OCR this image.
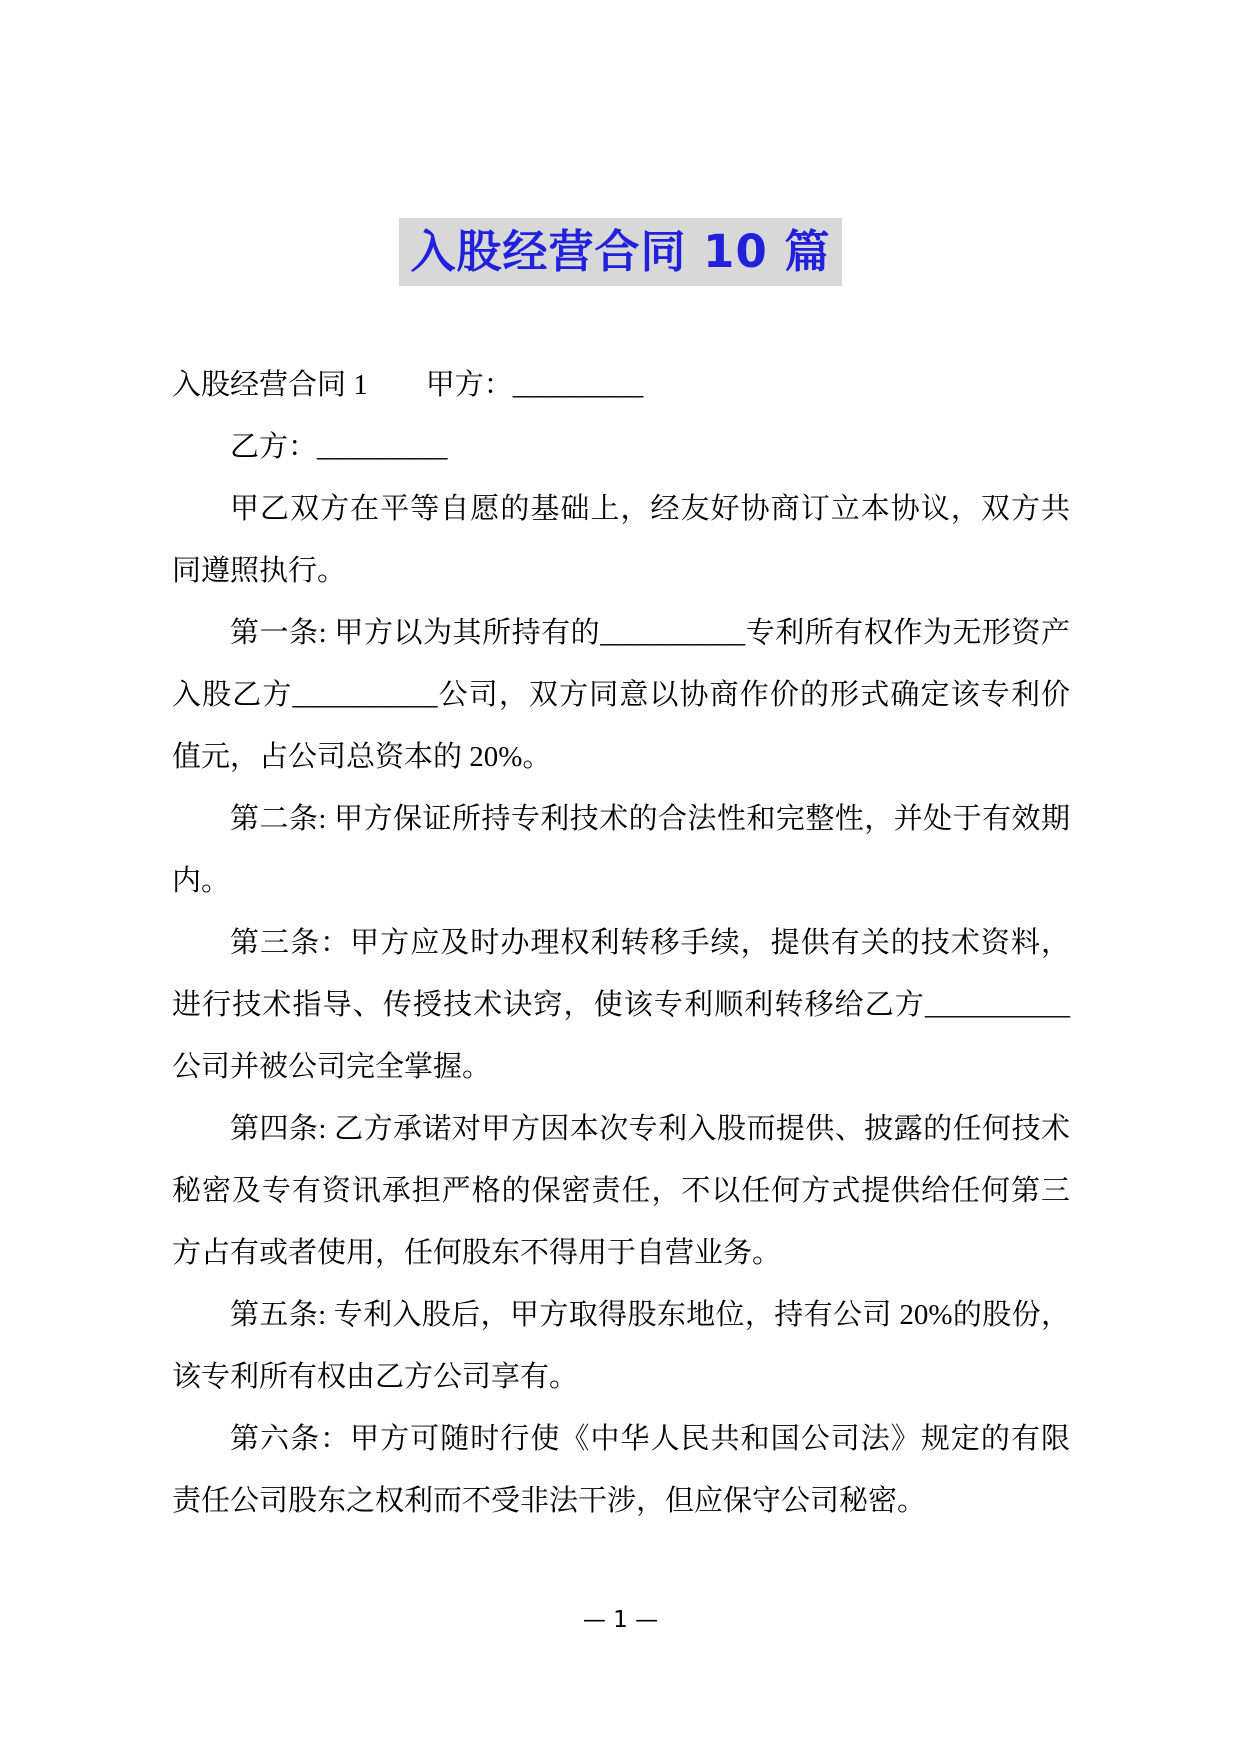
入股经营合同 10 篇

入股经营合同 1　　甲方：_________

乙方：_________

甲乙双方在平等自愿的基础上，经友好协商订立本协议，双方共同遵照执行。

第一条: 甲方以为其所持有的__________专利所有权作为无形资产入股乙方__________公司，双方同意以协商作价的形式确定该专利价值元，占公司总资本的 20%。

第二条: 甲方保证所持专利技术的合法性和完整性，并处于有效期内。

第三条：甲方应及时办理权利转移手续，提供有关的技术资料，进行技术指导、传授技术诀窍，使该专利顺利转移给乙方__________公司并被公司完全掌握。

第四条: 乙方承诺对甲方因本次专利入股而提供、披露的任何技术秘密及专有资讯承担严格的保密责任，不以任何方式提供给任何第三方占有或者使用，任何股东不得用于自营业务。

第五条: 专利入股后，甲方取得股东地位，持有公司 20%的股份，该专利所有权由乙方公司享有。

第六条：甲方可随时行使《中华人民共和国公司法》规定的有限责任公司股东之权利而不受非法干涉，但应保守公司秘密。

— 1 —
